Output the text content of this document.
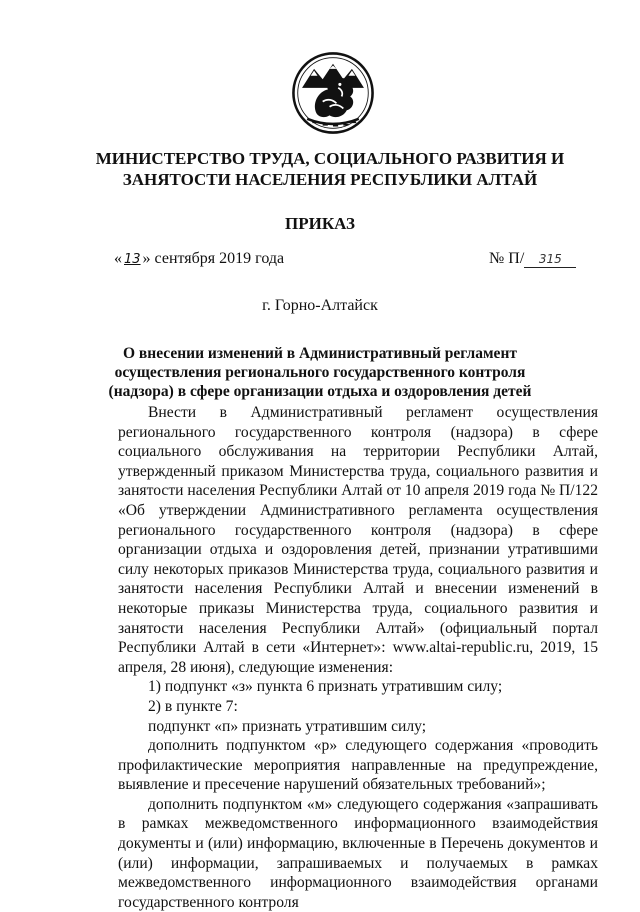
МИНИСТЕРСТВО ТРУДА, СОЦИАЛЬНОГО РАЗВИТИЯ И ЗАНЯТОСТИ НАСЕЛЕНИЯ РЕСПУБЛИКИ АЛТАЙ
ПРИКАЗ
« 13 » сентября 2019 года	№ П/ 315
г. Горно-Алтайск
О внесении изменений в Административный регламент осуществления регионального государственного контроля (надзора) в сфере организации отдыха и оздоровления детей

Внести в Административный регламент осуществления регионального государственного контроля (надзора) в сфере социального обслуживания на территории Республики Алтай, утвержденный приказом Министерства труда, социального развития и занятости населения Республики Алтай от 10 апреля 2019 года № П/122 «Об утверждении Административного регламента осуществления регионального государственного контроля (надзора) в сфере организации отдыха и оздоровления детей, признании утратившими силу некоторых приказов Министерства труда, социального развития и занятости населения Республики Алтай и внесении изменений в некоторые приказы Министерства труда, социального развития и занятости населения Республики Алтай» (официальный портал Республики Алтай в сети «Интернет»: www.altai-republic.ru, 2019, 15 апреля, 28 июня), следующие изменения:

1) подпункт «з» пункта 6 признать утратившим силу;

2) в пункте 7:

подпункт «п» признать утратившим силу;

дополнить подпунктом «р» следующего содержания «проводить профилактические мероприятия направленные на предупреждение, выявление и пресечение нарушений обязательных требований»;

дополнить подпунктом «м» следующего содержания «запрашивать в рамках межведомственного информационного взаимодействия документы и (или) информацию, включенные в Перечень документов и (или) информации, запрашиваемых и получаемых в рамках межведомственного информационного взаимодействия органами государственного контроля
